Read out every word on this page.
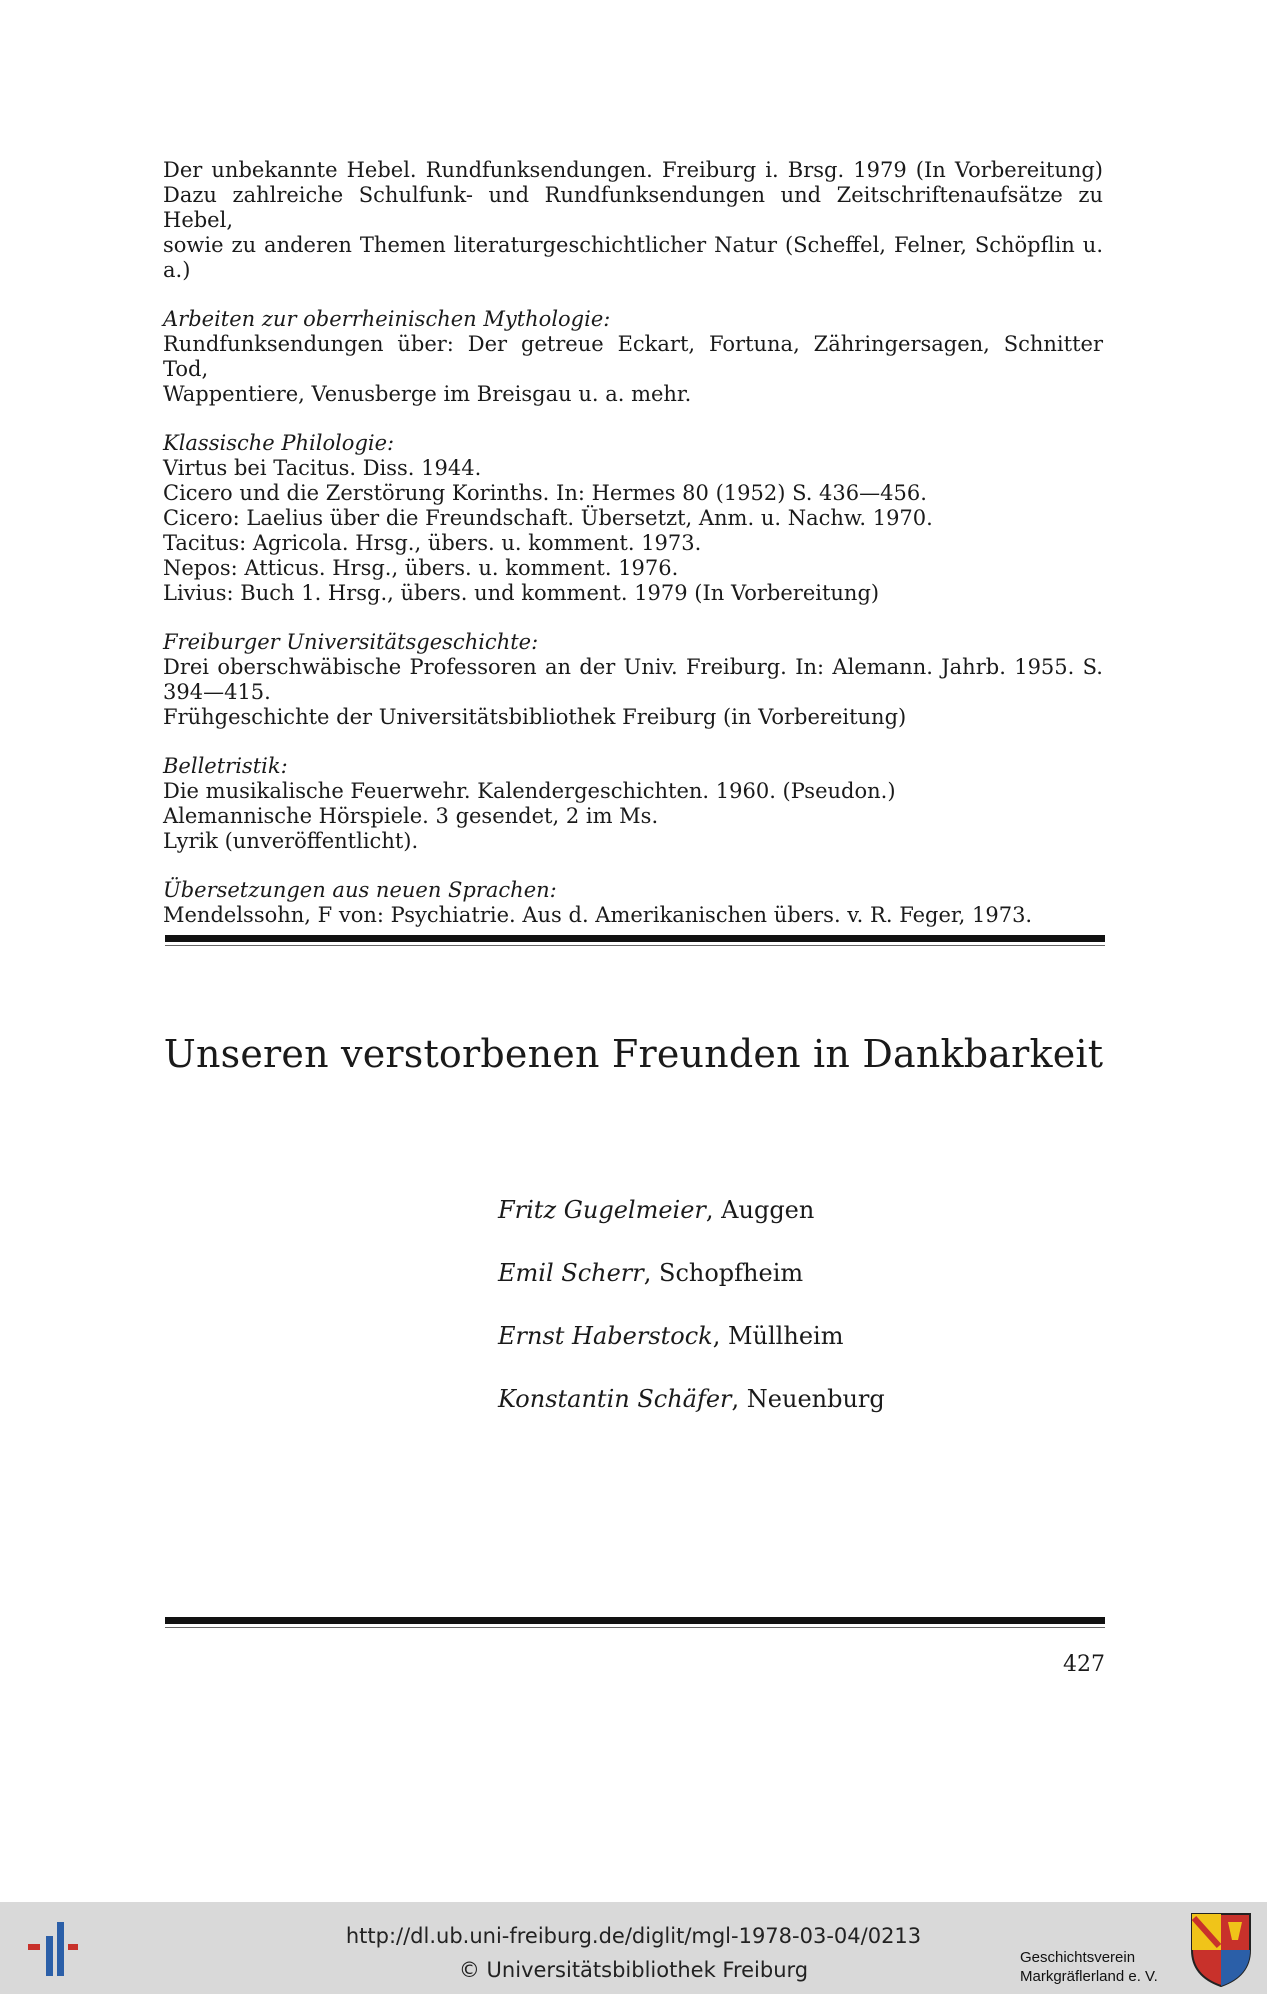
Der unbekannte Hebel. Rundfunksendungen. Freiburg i. Brsg. 1979 (In Vorbereitung)
Dazu zahlreiche Schulfunk- und Rundfunksendungen und Zeitschriftenaufsätze zu Hebel,
sowie zu anderen Themen literaturgeschichtlicher Natur (Scheffel, Felner, Schöpflin u. a.)
Arbeiten zur oberrheinischen Mythologie:
Rundfunksendungen über: Der getreue Eckart, Fortuna, Zähringersagen, Schnitter Tod,
Wappentiere, Venusberge im Breisgau u. a. mehr.
Klassische Philologie:
Virtus bei Tacitus. Diss. 1944.
Cicero und die Zerstörung Korinths. In: Hermes 80 (1952) S. 436—456.
Cicero: Laelius über die Freundschaft. Übersetzt, Anm. u. Nachw. 1970.
Tacitus: Agricola. Hrsg., übers. u. komment. 1973.
Nepos: Atticus. Hrsg., übers. u. komment. 1976.
Livius: Buch 1. Hrsg., übers. und komment. 1979 (In Vorbereitung)
Freiburger Universitätsgeschichte:
Drei oberschwäbische Professoren an der Univ. Freiburg. In: Alemann. Jahrb. 1955. S.
394—415.
Frühgeschichte der Universitätsbibliothek Freiburg (in Vorbereitung)
Belletristik:
Die musikalische Feuerwehr. Kalendergeschichten. 1960. (Pseudon.)
Alemannische Hörspiele. 3 gesendet, 2 im Ms.
Lyrik (unveröffentlicht).
Übersetzungen aus neuen Sprachen:
Mendelssohn, F von: Psychiatrie. Aus d. Amerikanischen übers. v. R. Feger, 1973.
Unseren verstorbenen Freunden in Dankbarkeit
Fritz Gugelmeier, Auggen
Emil Scherr, Schopfheim
Ernst Haberstock, Müllheim
Konstantin Schäfer, Neuenburg
427
http://dl.ub.uni-freiburg.de/diglit/mgl-1978-03-04/0213
© Universitätsbibliothek Freiburg
Geschichtsverein
Markgräflerland e. V.
